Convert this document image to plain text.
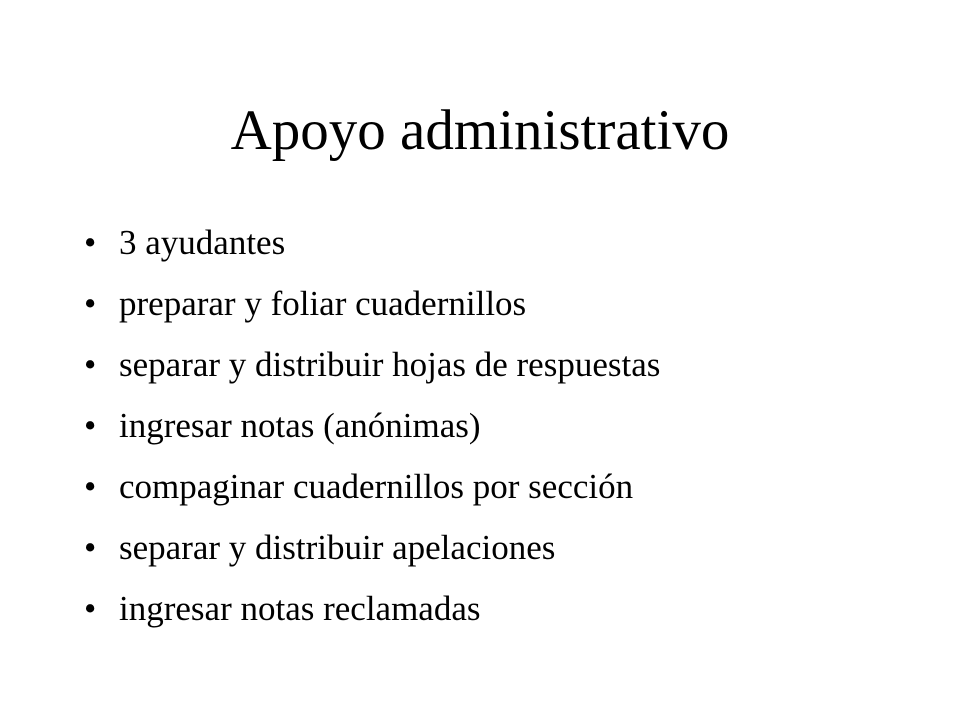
Apoyo administrativo
• 3 ayudantes
• preparar y foliar cuadernillos
• separar y distribuir hojas de respuestas
• ingresar notas (anónimas)
• compaginar cuadernillos por sección
• separar y distribuir apelaciones
• ingresar notas reclamadas
